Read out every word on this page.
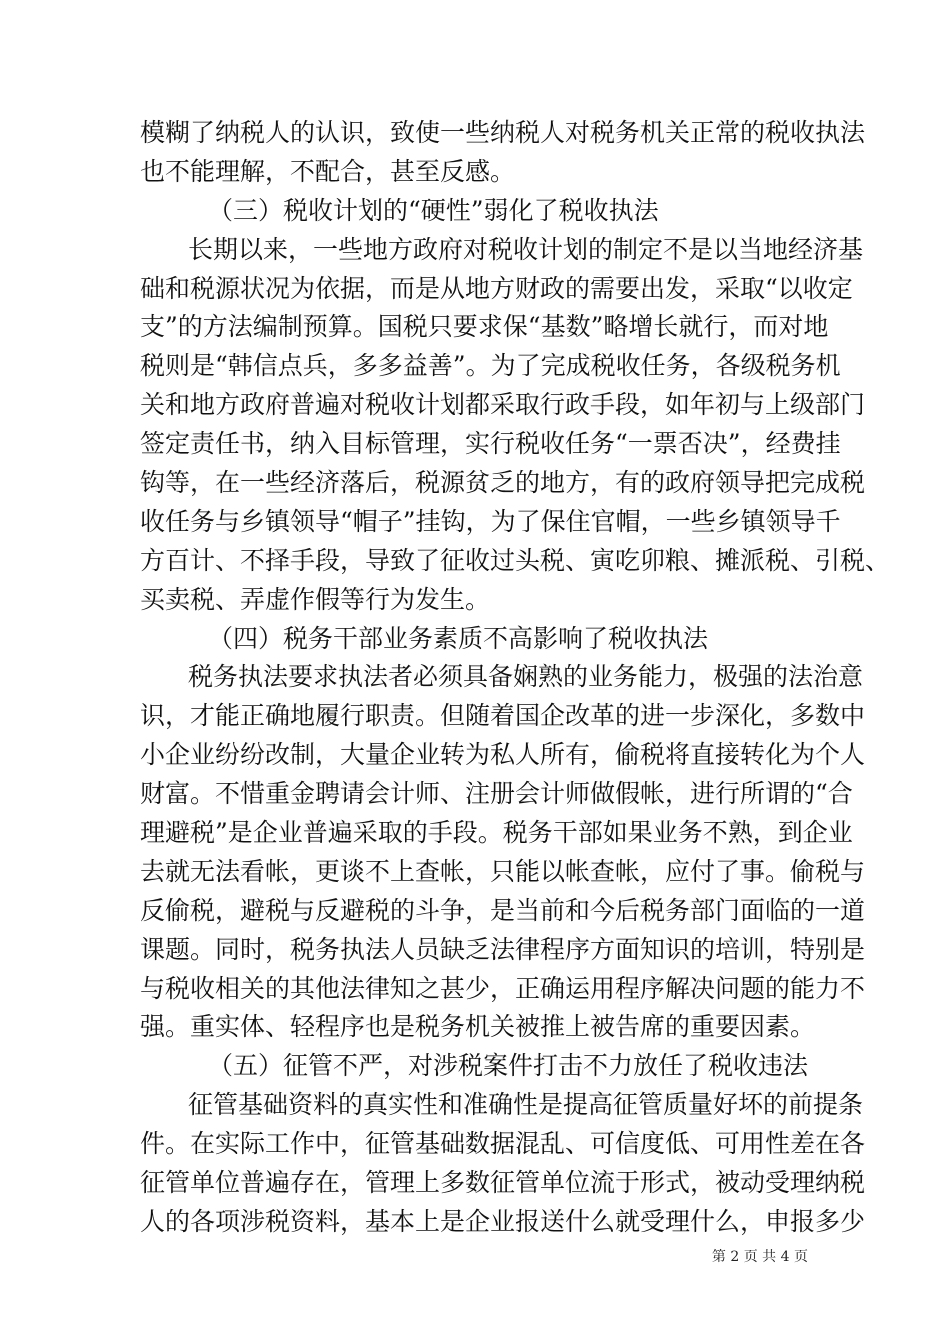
模糊了纳税人的认识，致使一些纳税人对税务机关正常的税收执法
也不能理解，不配合，甚至反感。
（三）税收计划的“硬性”弱化了税收执法
长期以来，一些地方政府对税收计划的制定不是以当地经济基
础和税源状况为依据，而是从地方财政的需要出发，采取“以收定
支”的方法编制预算。国税只要求保“基数”略增长就行，而对地
税则是“韩信点兵，多多益善”。为了完成税收任务，各级税务机
关和地方政府普遍对税收计划都采取行政手段，如年初与上级部门
签定责任书，纳入目标管理，实行税收任务“一票否决”，经费挂
钩等，在一些经济落后，税源贫乏的地方，有的政府领导把完成税
收任务与乡镇领导“帽子”挂钩，为了保住官帽，一些乡镇领导千
方百计、不择手段，导致了征收过头税、寅吃卯粮、摊派税、引税、
买卖税、弄虚作假等行为发生。
（四）税务干部业务素质不高影响了税收执法
税务执法要求执法者必须具备娴熟的业务能力，极强的法治意
识，才能正确地履行职责。但随着国企改革的进一步深化，多数中
小企业纷纷改制，大量企业转为私人所有，偷税将直接转化为个人
财富。不惜重金聘请会计师、注册会计师做假帐，进行所谓的“合
理避税”是企业普遍采取的手段。税务干部如果业务不熟，到企业
去就无法看帐，更谈不上查帐，只能以帐查帐，应付了事。偷税与
反偷税，避税与反避税的斗争，是当前和今后税务部门面临的一道
课题。同时，税务执法人员缺乏法律程序方面知识的培训，特别是
与税收相关的其他法律知之甚少，正确运用程序解决问题的能力不
强。重实体、轻程序也是税务机关被推上被告席的重要因素。
（五）征管不严，对涉税案件打击不力放任了税收违法
征管基础资料的真实性和准确性是提高征管质量好坏的前提条
件。在实际工作中，征管基础数据混乱、可信度低、可用性差在各
征管单位普遍存在，管理上多数征管单位流于形式，被动受理纳税
人的各项涉税资料，基本上是企业报送什么就受理什么，申报多少
第 2 页 共 4 页
